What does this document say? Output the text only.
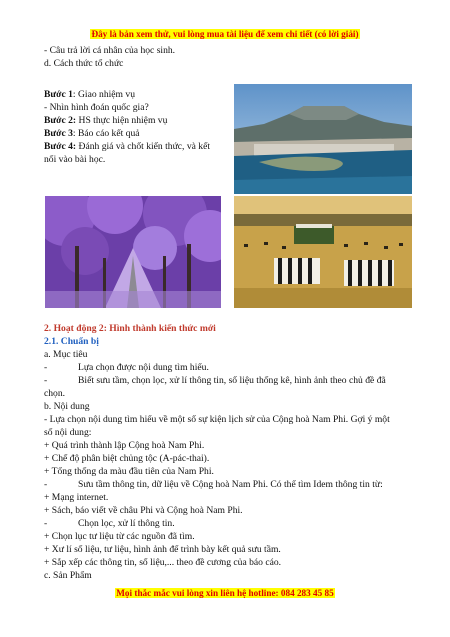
Đây là bản xem thử, vui lòng mua tài liệu để xem chi tiết (có lời giải)
- Câu trả lời cá nhân của học sinh.
d. Cách thức tổ chức
Bước 1: Giao nhiệm vụ
- Nhìn hình đoán quốc gia?
Bước 2: HS thực hiện nhiệm vụ
Bước 3: Báo cáo kết quả
Bước 4: Đánh giá và chốt kiến thức, và kết
nối vào bài học.
2. Hoạt động 2: Hình thành kiến thức mới
2.1. Chuẩn bị
a. Mục tiêu
-	Lựa chọn được nội dung tìm hiểu.
-	Biết sưu tầm, chọn lọc, xử lí thông tin, số liệu thống kê, hình ảnh theo chủ đề đã
chọn.
b. Nội dung
- Lựa chọn nội dung tìm hiểu về một số sự kiện lịch sử của Cộng hoà Nam Phi. Gợi ý một
số nội dung:
+ Quá trình thành lập Cộng hoà Nam Phi.
+ Chế độ phân biệt chủng tộc (A-pác-thai).
+ Tổng thống da màu đầu tiên của Nam Phi.
-	Sưu tầm thông tin, dữ liệu về Cộng hoà Nam Phi. Có thể tìm Idem thông tin từ:
+ Mạng internet.
+ Sách, báo viết về châu Phi và Cộng hoà Nam Phi.
-	Chọn lọc, xử lí thông tin.
+ Chọn lục tư liệu từ các nguồn đã tìm.
+ Xư lí số liệu, tư liệu, hình ảnh để trình bày kết quả sưu tầm.
+ Sắp xếp các thông tin, số liệu,... theo đề cương của báo cáo.
c. Sản Phẩm
Mọi thắc mắc vui lòng xin liên hệ hotline: 084 283 45 85
